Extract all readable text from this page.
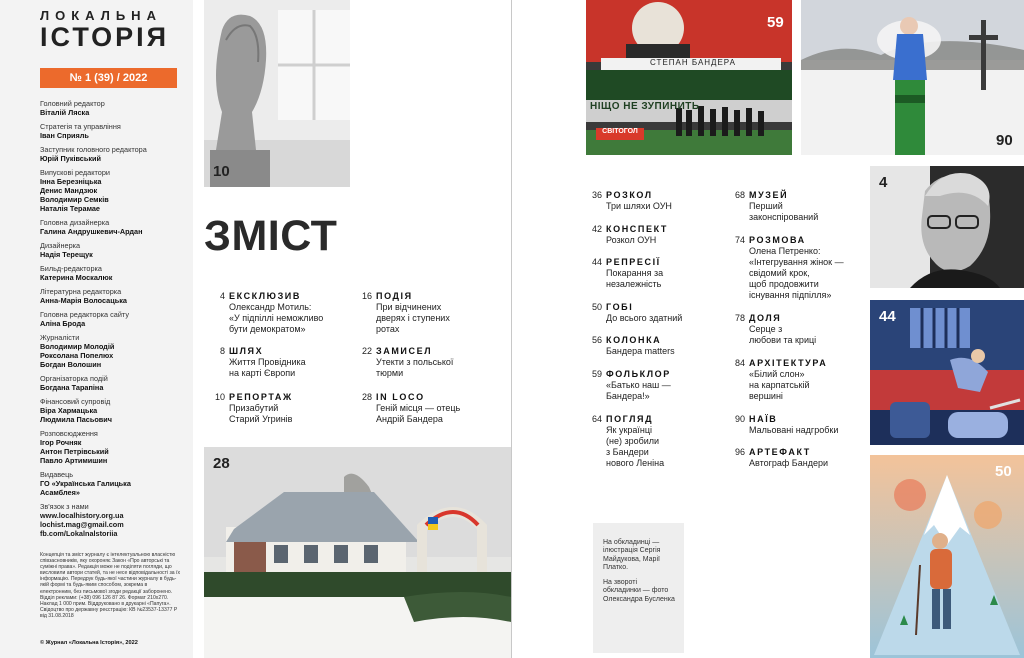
ЛОКАЛЬНА
ІСТОРІЯ
№ 1 (39) / 2022
Головний редактор
Віталій Ляска
Стратегія та управління
Іван Сприяль
Заступник головного редактора
Юрій Пуківський
Випускові редактори
Інна Березніцька
Денис Мандзюк
Володимир Семків
Наталія Терамае
Головна дизайнерка
Галина Андрушкевич-Ардан
Дизайнерка
Надія Терещук
Бильд-редакторка
Катерина Москалюк
Літературна редакторка
Анна-Марія Волосацька
Головна редакторка сайту
Аліна Брода
Журналісти
Володимир Молодій
Роксолана Попелюх
Богдан Волошин
Організаторка подій
Богдана Тарапіна
Фінансовий супровід
Віра Хармацька
Людмила Пасьович
Розповсюдження
Ігор Рочняк
Антон Петрівський
Павло Артимишин
Видавець
ГО «Українська Галицька
Асамблея»
Зв'язок з нами
www.localhistory.org.ua
lochist.mag@gmail.com
fb.com/Lokalnalstoriia
Концепція та зміст журналу є інтелектуальною власністю співзасновників, яку охороняє Закон «Про авторські та суміжні права». Редакція може не поділяти погляди, що висловили автори статей, та не несе відповідальності за їх інформацію. Передрук будь-якої частини журналу в будь-якій формі та будь-яким способом, зокрема в електронним, без письмової згоди редакції заборонено. Відділ реклами: (+38) 096 126 87 26. Формат 210x270. Наклад 1 000 прим. Віддруковано в друкарні «Папуга». Свідоцтво про державну реєстрацію: КВ №23537-13377 Р від 31.08.2018
© Журнал «Локальна Історія», 2022
10
ЗМІСТ
4 ЕКСКЛЮЗИВ
Олександр Мотиль:
«У підпіллі неможливо
бути демократом»
8 ШЛЯХ
Життя Провідника
на карті Європи
10 РЕПОРТАЖ
Призабутий
Старий Угринів
16 ПОДІЯ
При відчинених
дверях і ступених
ротах
22 ЗАМИСЕЛ
Утекти з польської
тюрми
28 IN LOCO
Геній місця — отець
Андрій Бандера
28
СТЕПАН БАНДЕРА
НІЩО НЕ ЗУПИНИТЬ
СВІТОГОЛ
59
90
36 РОЗКОЛ
Три шляхи ОУН
42 КОНСПЕКТ
Розкол ОУН
44 РЕПРЕСІЇ
Покарання за
незалежність
50 ГОБІ
До всього здатний
56 КОЛОНКА
Бандера matters
59 ФОЛЬКЛОР
«Батько наш —
Бандера!»
64 ПОГЛЯД
Як українці
(не) зробили
з Бандери
нового Леніна
68 МУЗЕЙ
Перший
законспірований
74 РОЗМОВА
Олена Петренко:
«Інтегрування жінок —
свідомий крок,
щоб продовжити
існування підпілля»
78 ДОЛЯ
Серце з
любови та криці
84 АРХІТЕКТУРА
«Білий слон»
на карпатській
вершині
90 НАЇВ
Мальовані надгробки
96 АРТЕФАКТ
Автограф Бандери

На обкладинці — ілюстрація Сергія Майдукова, Марії Платко.

На звороті обкладинки — фото Олександра Бусленка

4
44
50
